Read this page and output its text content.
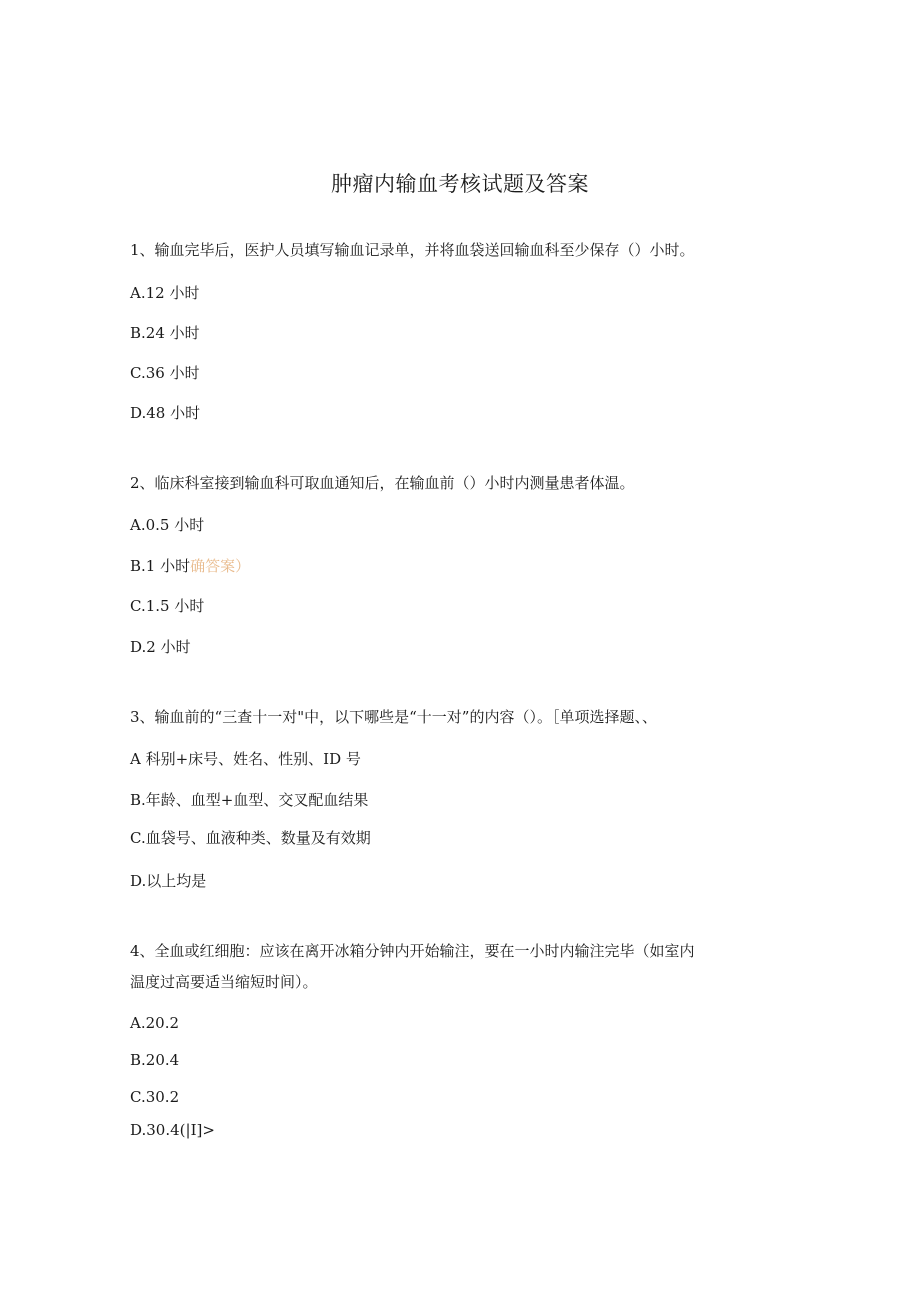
肿瘤内输血考核试题及答案
1、输血完毕后，医护人员填写输血记录单，并将血袋送回输血科至少保存（）小时。
A.12 小时
B.24 小时
C.36 小时
D.48 小时
2、临床科室接到输血科可取血通知后，在输血前（）小时内测量患者体温。
A.0.5 小时
B.1 小时确答案）
C.1.5 小时
D.2 小时
3、输血前的“三查十一对"中，以下哪些是“十一对”的内容（）。［单项选择题、、
A 科别+床号、姓名、性别、ID 号
B.年龄、血型+血型、交叉配血结果
C.血袋号、血液种类、数量及有效期
D.以上均是
4、全血或红细胞：应该在离开冰箱分钟内开始输注，要在一小时内输注完毕（如室内
温度过高要适当缩短时间）。
A.20.2
B.20.4
C.30.2
D.30.4(|I]>
